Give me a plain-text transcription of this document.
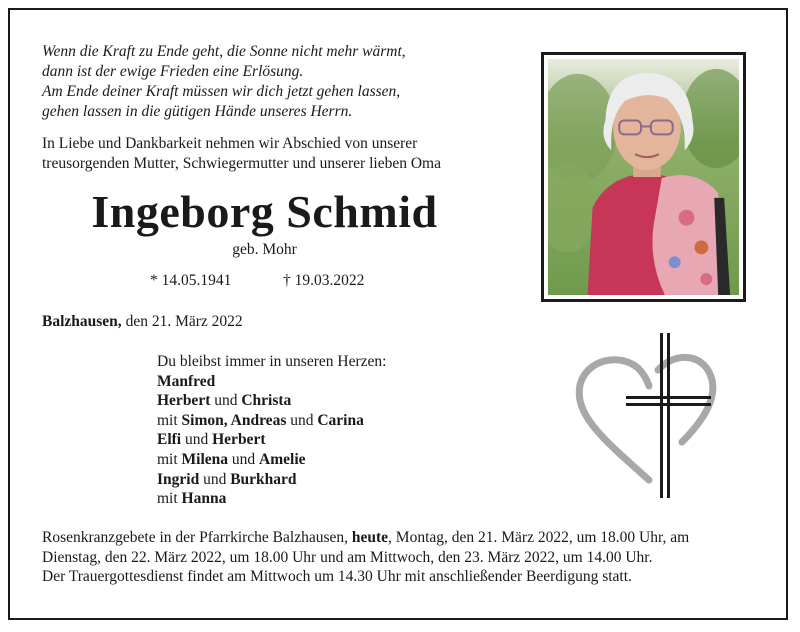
Wenn die Kraft zu Ende geht, die Sonne nicht mehr wärmt,
dann ist der ewige Frieden eine Erlösung.
Am Ende deiner Kraft müssen wir dich jetzt gehen lassen,
gehen lassen in die gütigen Hände unseres Herrn.
In Liebe und Dankbarkeit nehmen wir Abschied von unserer
treusorgenden Mutter, Schwiegermutter und unserer lieben Oma
Ingeborg Schmid
geb. Mohr
* 14.05.1941	† 19.03.2022
Balzhausen, den 21. März 2022
Du bleibst immer in unseren Herzen:
Manfred
Herbert und Christa
mit Simon, Andreas und Carina
Elfi und Herbert
mit Milena und Amelie
Ingrid und Burkhard
mit Hanna
Rosenkranzgebete in der Pfarrkirche Balzhausen, heute, Montag, den 21. März 2022, um 18.00 Uhr, am
Dienstag, den 22. März 2022, um 18.00 Uhr und am Mittwoch, den 23. März 2022, um 14.00 Uhr.
Der Trauergottesdienst findet am Mittwoch um 14.30 Uhr mit anschließender Beerdigung statt.
